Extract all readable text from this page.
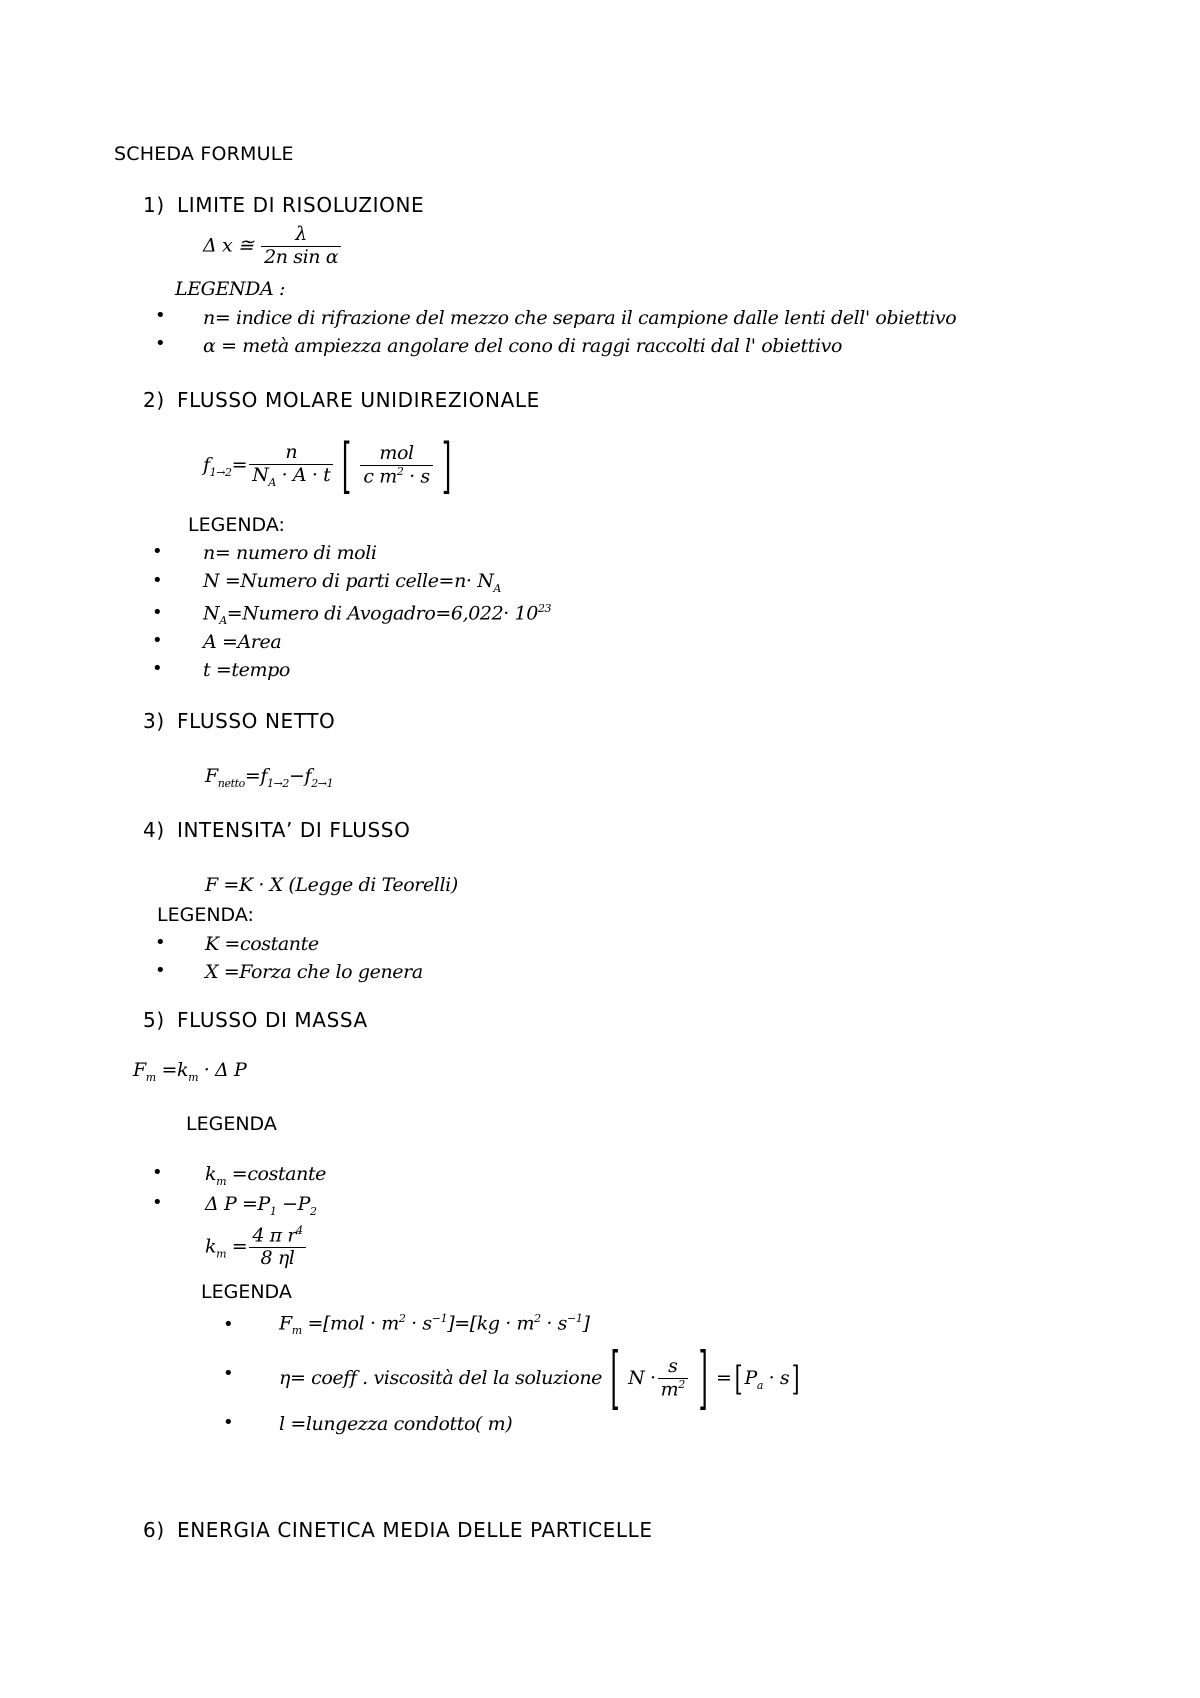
SCHEDA FORMULE
1) LIMITE DI RISOLUZIONE
Δ x ≅ $\frac{\lambda}{\text{2n sin α}}$
LEGENDA :
• n= indice di rifrazione del mezzo che separa il campione dalle lenti dell' obiettivo
• α = metà ampiezza angolare del cono di raggi raccolti dal l' obiettivo
2) FLUSSO MOLARE UNIDIREZIONALE
$f_{1\to 2}= \frac{n}{N_A \cdot A \cdot t}$ [ $\frac{\text{mol}}{c m^2 \cdot s}$ ]
LEGENDA:
• n= numero di moli
• N =Numero di parti celle=n· $N_A$
• $N_A=Numero$ di Avogadro=6,022· $10^{23}$
• A =Area
• t =tempo
3) FLUSSO NETTO
$F_{netto}=f_{1\to 2}-f_{2\to 1}$
4) INTENSITA’ DI FLUSSO
F =K · X (Legge di Teorelli)
LEGENDA:
• K =costante
• X =Forza che lo genera
5) FLUSSO DI MASSA
$F_m =k_m \cdot \Delta$ P
LEGENDA
• $k_m$ =costante
• Δ $P =P_1 -P_2$
$k_m = \frac{4 \pi r^4}{8 \eta l}$
LEGENDA
• $F_m =[mol \cdot m^2 \cdot s^{-1}]=[kg \cdot m^2 \cdot s^{-1}]$
• η= coeff . viscosità del la soluzione [ $N \cdot \frac{s}{m^2}$ ] =[ $P_a \cdot s$]
• l =lungezza condotto( m)
6) ENERGIA CINETICA MEDIA DELLE PARTICELLE
